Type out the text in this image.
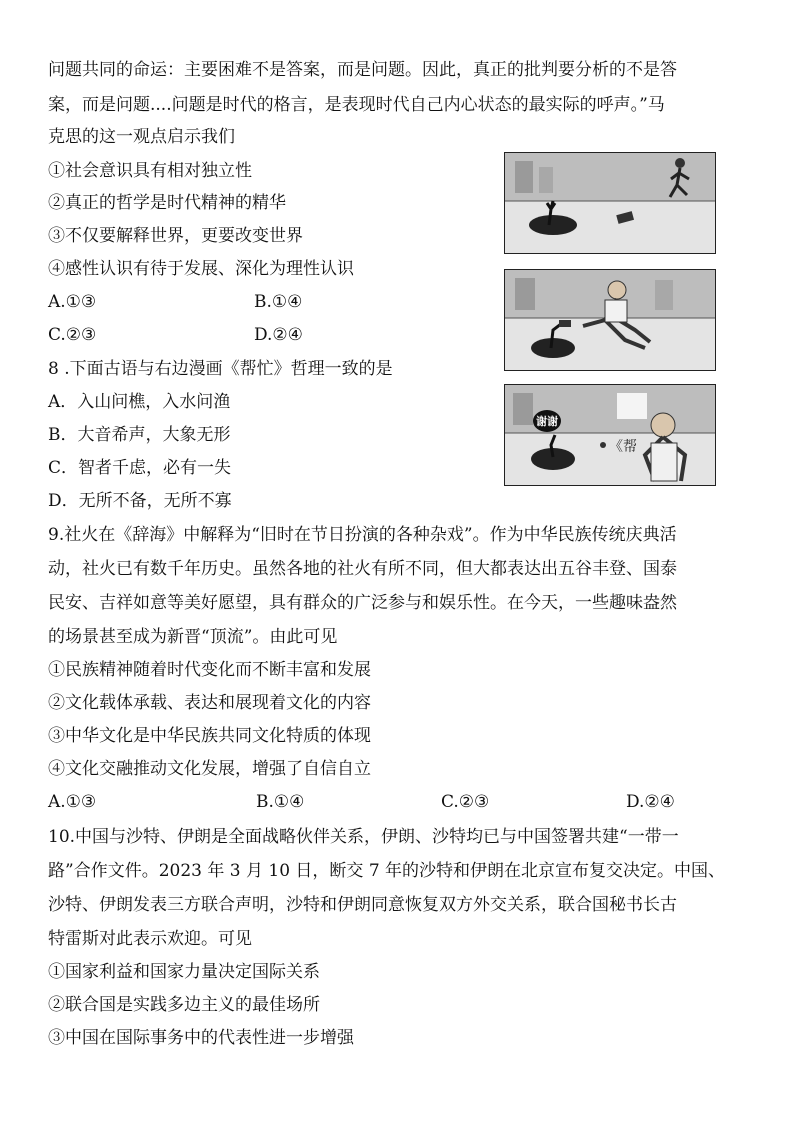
问题共同的命运：主要困难不是答案，而是问题。因此，真正的批判要分析的不是答
案，而是问题....问题是时代的格言，是表现时代自己内心状态的最实际的呼声。”马
克思的这一观点启示我们
①社会意识具有相对独立性
②真正的哲学是时代精神的精华
③不仅要解释世界，更要改变世界
④感性认识有待于发展、深化为理性认识
A.①③	B.①④
C.②③	D.②④
8 .下面古语与右边漫画《帮忙》哲理一致的是
A．入山问樵，入水问渔
B．大音希声，大象无形
C．智者千虑，必有一失
D．无所不备，无所不寡
谢谢
《帮
9.社火在《辞海》中解释为“旧时在节日扮演的各种杂戏”。作为中华民族传统庆典活
动，社火已有数千年历史。虽然各地的社火有所不同，但大都表达出五谷丰登、国泰
民安、吉祥如意等美好愿望，具有群众的广泛参与和娱乐性。在今天，一些趣味盎然
的场景甚至成为新晋“顶流”。由此可见
①民族精神随着时代变化而不断丰富和发展
②文化载体承载、表达和展现着文化的内容
③中华文化是中华民族共同文化特质的体现
④文化交融推动文化发展，增强了自信自立
A.①③	B.①④	C.②③	D.②④
10.中国与沙特、伊朗是全面战略伙伴关系，伊朗、沙特均已与中国签署共建“一带一
路”合作文件。2023 年 3 月 10 日，断交 7 年的沙特和伊朗在北京宣布复交决定。中国、
沙特、伊朗发表三方联合声明，沙特和伊朗同意恢复双方外交关系，联合国秘书长古
特雷斯对此表示欢迎。可见
①国家利益和国家力量决定国际关系
②联合国是实践多边主义的最佳场所
③中国在国际事务中的代表性进一步增强
